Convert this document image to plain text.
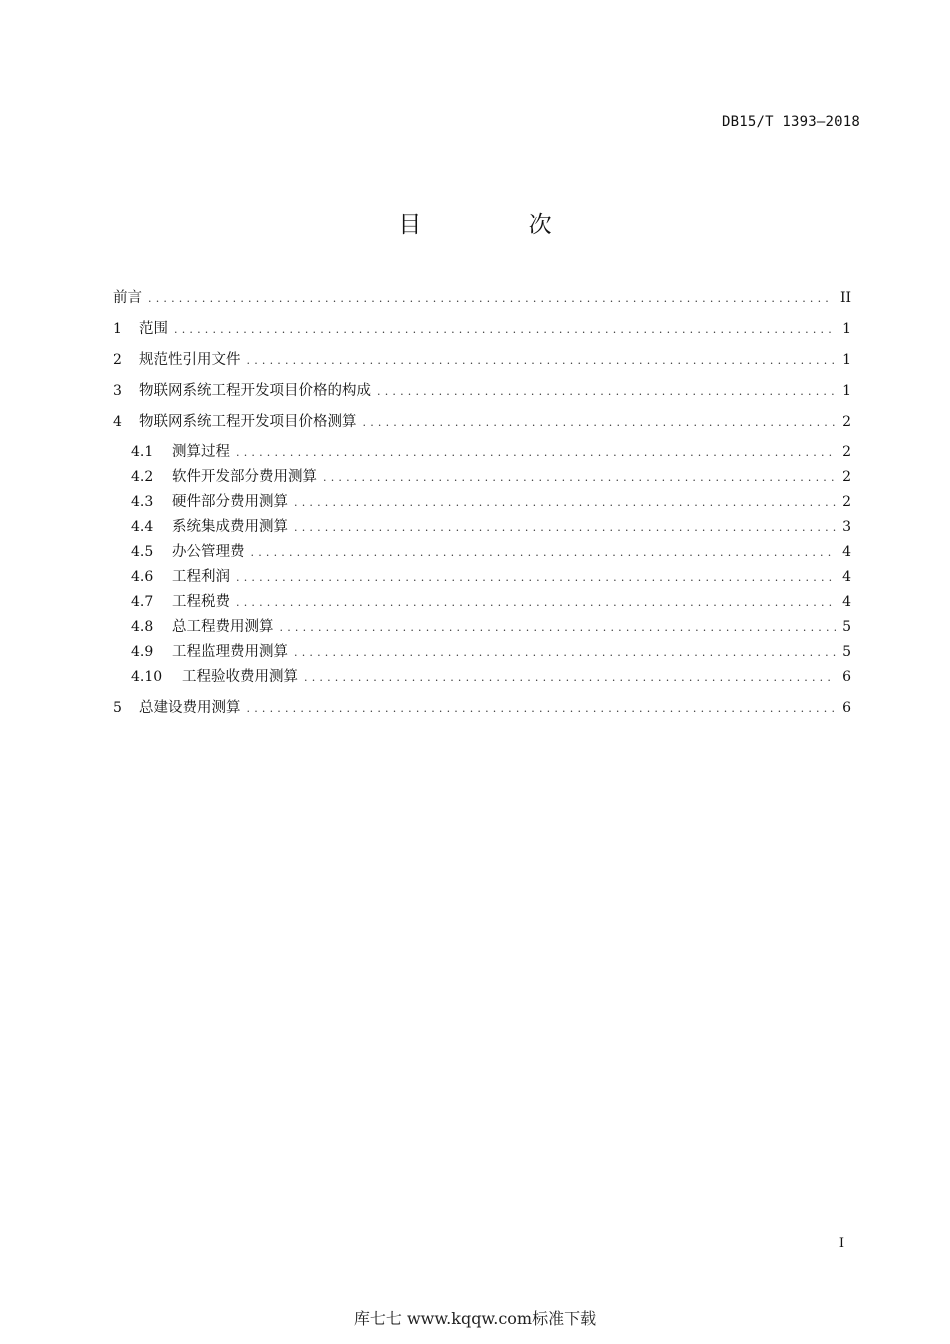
DB15/T 1393—2018
目 次
前言 .....	II
1	范围 .....	1
2	规范性引用文件 .....	1
3	物联网系统工程开发项目价格的构成 .....	1
4	物联网系统工程开发项目价格测算 .....	2
4.1	测算过程 .....	2
4.2	软件开发部分费用测算 .....	2
4.3	硬件部分费用测算 .....	2
4.4	系统集成费用测算 .....	3
4.5	办公管理费 .....	4
4.6	工程利润 .....	4
4.7	工程税费 .....	4
4.8	总工程费用测算 .....	5
4.9	工程监理费用测算 .....	5
4.10	工程验收费用测算 .....	6
5	总建设费用测算 .....	6
I
库七七 www.kqqw.com标准下载
